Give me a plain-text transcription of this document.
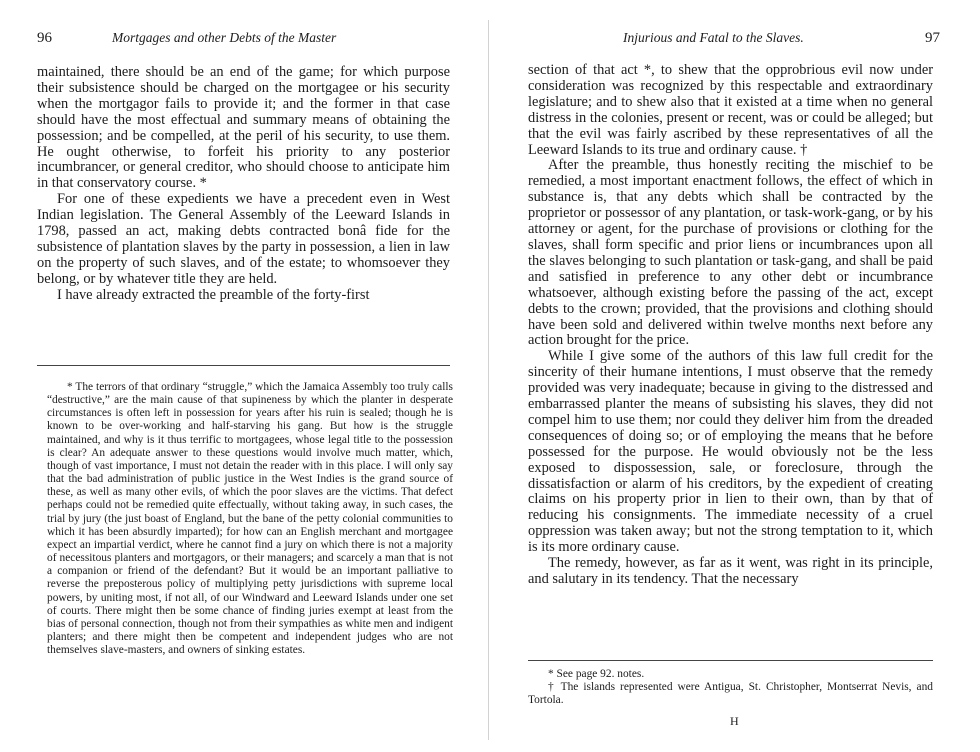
96	Mortgages and other Debts of the Master

maintained, there should be an end of the game; for which purpose their subsistence should be charged on the mortgagee or his security when the mortgagor fails to provide it; and the former in that case should have the most effectual and summary means of obtaining the possession; and be compelled, at the peril of his security, to use them. He ought otherwise, to forfeit his priority to any posterior incumbrancer, or general creditor, who should choose to anticipate him in that conservatory course. *

For one of these expedients we have a precedent even in West Indian legislation. The General Assembly of the Leeward Islands in 1798, passed an act, making debts contracted bonâ fide for the subsistence of plantation slaves by the party in possession, a lien in law on the property of such slaves, and of the estate; to whomsoever they belong, or by whatever title they are held.

I have already extracted the preamble of the forty-first

* The terrors of that ordinary “struggle,” which the Jamaica Assembly too truly calls “destructive,” are the main cause of that supineness by which the planter in desperate circumstances is often left in possession for years after his ruin is sealed; though he is known to be over-working and half-starving his gang. But how is the struggle maintained, and why is it thus terrific to mortgagees, whose legal title to the possession is clear? An adequate answer to these questions would involve much matter, which, though of vast importance, I must not detain the reader with in this place. I will only say that the bad administration of public justice in the West Indies is the grand source of these, as well as many other evils, of which the poor slaves are the victims. That defect perhaps could not be remedied quite effectually, without taking away, in such cases, the trial by jury (the just boast of England, but the bane of the petty colonial communities to which it has been absurdly imparted); for how can an English merchant and mortgagee expect an impartial verdict, where he cannot find a jury on which there is not a majority of necessitous planters and mortgagors, or their managers; and scarcely a man that is not a companion or friend of the defendant? But it would be an important palliative to reverse the preposterous policy of multiplying petty jurisdictions with supreme local powers, by uniting most, if not all, of our Windward and Leeward Islands under one set of courts. There might then be some chance of finding juries exempt at least from the bias of personal connection, though not from their sympathies as white men and indigent planters; and there might then be competent and independent judges who are not themselves slave-masters, and owners of sinking estates.

Injurious and Fatal to the Slaves.	97

section of that act *, to shew that the opprobrious evil now under consideration was recognized by this respectable and extraordinary legislature; and to shew also that it existed at a time when no general distress in the colonies, present or recent, was or could be alleged; but that the evil was fairly ascribed by these representatives of all the Leeward Islands to its true and ordinary cause. †

After the preamble, thus honestly reciting the mischief to be remedied, a most important enactment follows, the effect of which in substance is, that any debts which shall be contracted by the proprietor or possessor of any plantation, or task-work-gang, or by his attorney or agent, for the purchase of provisions or clothing for the slaves, shall form specific and prior liens or incumbrances upon all the slaves belonging to such plantation or task-gang, and shall be paid and satisfied in preference to any other debt or incumbrance whatsoever, although existing before the passing of the act, except debts to the crown; provided, that the provisions and clothing should have been sold and delivered within twelve months next before any action brought for the price.

While I give some of the authors of this law full credit for the sincerity of their humane intentions, I must observe that the remedy provided was very inadequate; because in giving to the distressed and embarrassed planter the means of subsisting his slaves, they did not compel him to use them; nor could they deliver him from the dreaded consequences of doing so; or of employing the means that he before possessed for the purpose. He would obviously not be the less exposed to dispossession, sale, or foreclosure, through the dissatisfaction or alarm of his creditors, by the expedient of creating claims on his property prior in lien to their own, than by that of reducing his consignments. The immediate necessity of a cruel oppression was taken away; but not the strong temptation to it, which is its more ordinary cause.

The remedy, however, as far as it went, was right in its principle, and salutary in its tendency. That the necessary

* See page 92. notes.

† The islands represented were Antigua, St. Christopher, Montserrat Nevis, and Tortola.

H
